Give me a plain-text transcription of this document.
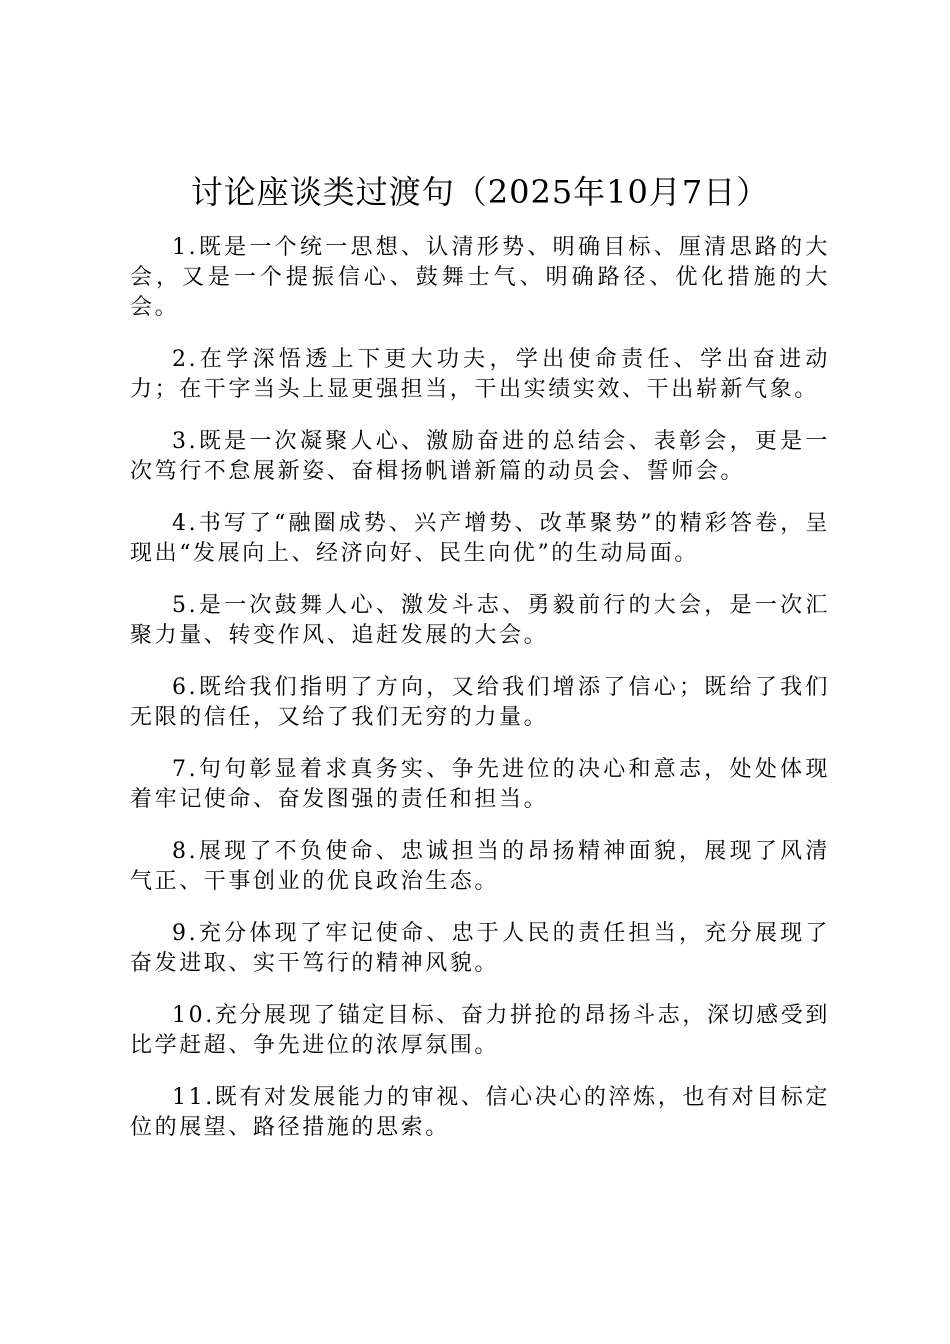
讨论座谈类过渡句（2025年10月7日）

1.既是一个统一思想、认清形势、明确目标、厘清思路的大会，又是一个提振信心、鼓舞士气、明确路径、优化措施的大会。

2.在学深悟透上下更大功夫，学出使命责任、学出奋进动力；在干字当头上显更强担当，干出实绩实效、干出崭新气象。

3.既是一次凝聚人心、激励奋进的总结会、表彰会，更是一次笃行不怠展新姿、奋楫扬帆谱新篇的动员会、誓师会。

4.书写了“融圈成势、兴产增势、改革聚势”的精彩答卷，呈现出“发展向上、经济向好、民生向优”的生动局面。

5.是一次鼓舞人心、激发斗志、勇毅前行的大会，是一次汇聚力量、转变作风、追赶发展的大会。

6.既给我们指明了方向，又给我们增添了信心；既给了我们无限的信任，又给了我们无穷的力量。

7.句句彰显着求真务实、争先进位的决心和意志，处处体现着牢记使命、奋发图强的责任和担当。

8.展现了不负使命、忠诚担当的昂扬精神面貌，展现了风清气正、干事创业的优良政治生态。

9.充分体现了牢记使命、忠于人民的责任担当，充分展现了奋发进取、实干笃行的精神风貌。

10.充分展现了锚定目标、奋力拼抢的昂扬斗志，深切感受到比学赶超、争先进位的浓厚氛围。

11.既有对发展能力的审视、信心决心的淬炼，也有对目标定位的展望、路径措施的思索。
